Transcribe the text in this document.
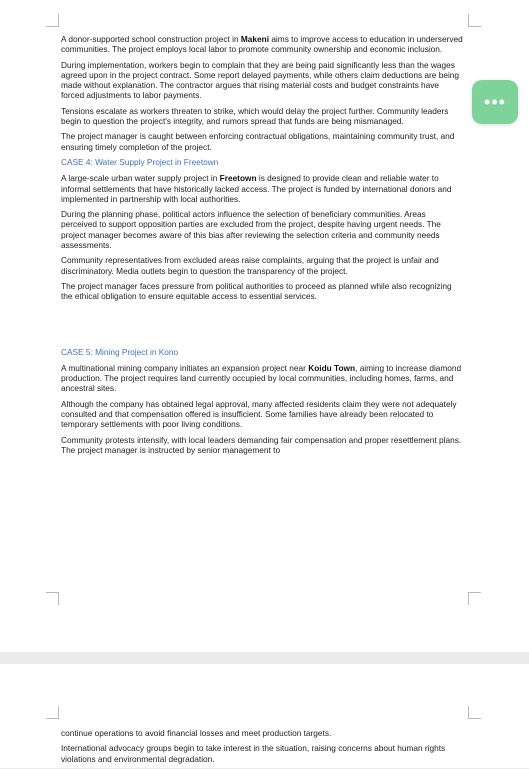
A donor-supported school construction project in Makeni aims to improve access to education in underserved communities. The project employs local labor to promote community ownership and economic inclusion.

During implementation, workers begin to complain that they are being paid significantly less than the wages agreed upon in the project contract. Some report delayed payments, while others claim deductions are being made without explanation. The contractor argues that rising material costs and budget constraints have forced adjustments to labor payments.

Tensions escalate as workers threaten to strike, which would delay the project further. Community leaders begin to question the project's integrity, and rumors spread that funds are being mismanaged.

The project manager is caught between enforcing contractual obligations, maintaining community trust, and ensuring timely completion of the project.

CASE 4: Water Supply Project in Freetown

A large-scale urban water supply project in Freetown is designed to provide clean and reliable water to informal settlements that have historically lacked access. The project is funded by international donors and implemented in partnership with local authorities.

During the planning phase, political actors influence the selection of beneficiary communities. Areas perceived to support opposition parties are excluded from the project, despite having urgent needs. The project manager becomes aware of this bias after reviewing the selection criteria and community needs assessments.

Community representatives from excluded areas raise complaints, arguing that the project is unfair and discriminatory. Media outlets begin to question the transparency of the project.

The project manager faces pressure from political authorities to proceed as planned while also recognizing the ethical obligation to ensure equitable access to essential services.

CASE 5: Mining Project in Kono

A multinational mining company initiates an expansion project near Koidu Town, aiming to increase diamond production. The project requires land currently occupied by local communities, including homes, farms, and ancestral sites.

Although the company has obtained legal approval, many affected residents claim they were not adequately consulted and that compensation offered is insufficient. Some families have already been relocated to temporary settlements with poor living conditions.

Community protests intensify, with local leaders demanding fair compensation and proper resettlement plans. The project manager is instructed by senior management to

continue operations to avoid financial losses and meet production targets.

International advocacy groups begin to take interest in the situation, raising concerns about human rights violations and environmental degradation.

•••
